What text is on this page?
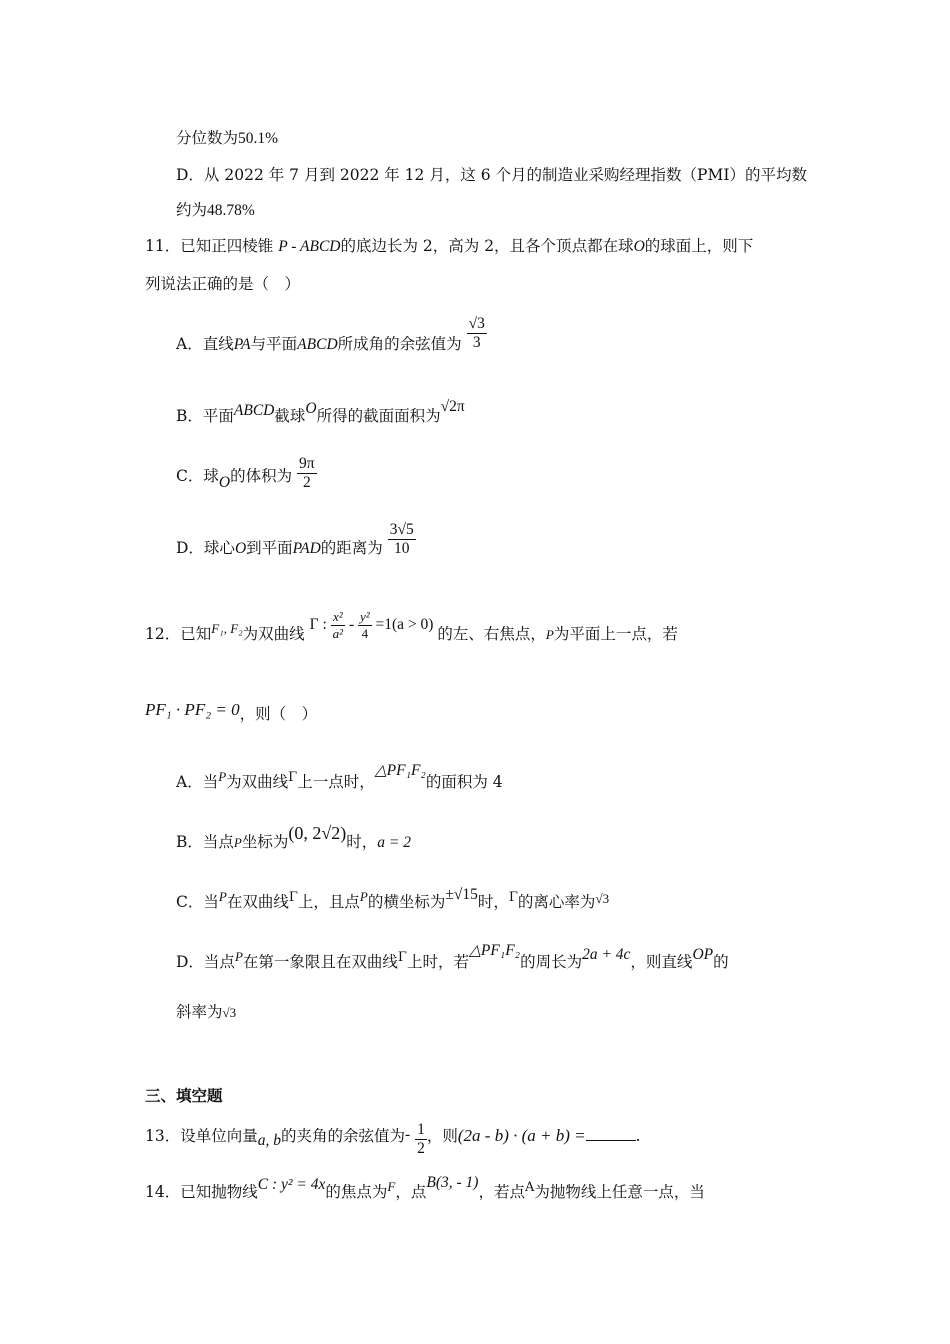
分位数为50.1%
D．从 2022 年 7 月到 2022 年 12 月，这 6 个月的制造业采购经理指数（PMI）的平均数
约为48.78%
11．已知正四棱锥 P - ABCD的底边长为 2，高为 2，且各个顶点都在球O的球面上，则下
列说法正确的是（　）
A．直线PA与平面ABCD所成角的余弦值为 $\frac{√3}{3}$
B．平面ABCD截球O所得的截面面积为√2π
C．球O的体积为 $\frac{9\pi}{2}$
D．球心O到平面PAD的距离为 $\frac{3√5}{10}$
12．已知$^{F_1, F_2}$为双曲线 Γ : $\frac{\text{x²}}{\text{a²}} - \frac{\text{y²}}{4} =1(a > 0)$ 的左、右焦点，P为平面上一点，若
PF₁ · PF₂ = 0，则（　）
A．当$^P$为双曲线$^\Gamma$上一点时，△PF₁F₂的面积为 4
B．当点P坐标为(0, 2√2)时，a = 2
C．当$^P$在双曲线$^\Gamma$上，且点$^P$的横坐标为±√15时，$^\Gamma$的离心率为$^{√3}$
D．当点$^P$在第一象限且在双曲线$^\Gamma$上时，若△PF₁F₂的周长为2a + 4c，则直线OP的
斜率为√3
三、填空题
13．设单位向量a, b的夹角的余弦值为- $\frac{1}{2}$ ，则(2a - b) · (a + b) =	.
14．已知抛物线C : y² = 4x的焦点为$^F$，点B(3, - 1)，若点$^A$为抛物线上任意一点，当
